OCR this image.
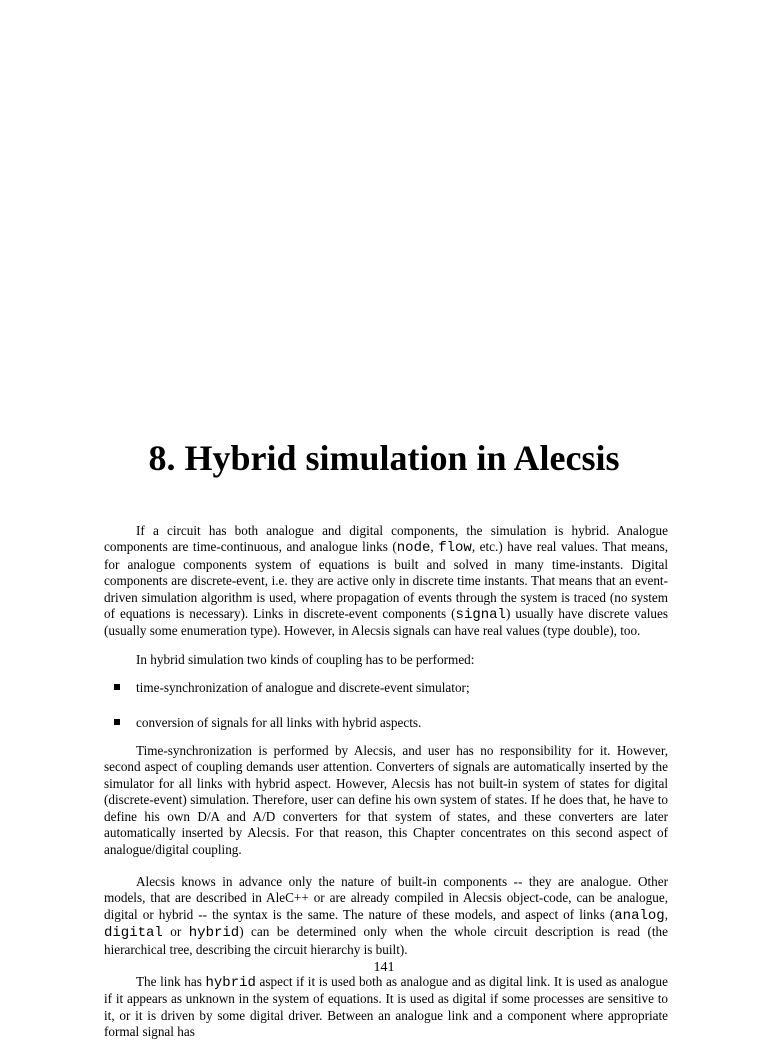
8. Hybrid simulation in Alecsis

If a circuit has both analogue and digital components, the simulation is hybrid. Analogue components are time-continuous, and analogue links (node, flow, etc.) have real values. That means, for analogue components system of equations is built and solved in many time-instants. Digital components are discrete-event, i.e. they are active only in discrete time instants. That means that an event-driven simulation algorithm is used, where propagation of events through the system is traced (no system of equations is necessary). Links in discrete-event components (signal) usually have discrete values (usually some enumeration type). However, in Alecsis signals can have real values (type double), too.

In hybrid simulation two kinds of coupling has to be performed:

time-synchronization of analogue and discrete-event simulator;
conversion of signals for all links with hybrid aspects.

Time-synchronization is performed by Alecsis, and user has no responsibility for it. However, second aspect of coupling demands user attention. Converters of signals are automatically inserted by the simulator for all links with hybrid aspect. However, Alecsis has not built-in system of states for digital (discrete-event) simulation. Therefore, user can define his own system of states. If he does that, he have to define his own D/A and A/D converters for that system of states, and these converters are later automatically inserted by Alecsis. For that reason, this Chapter concentrates on this second aspect of analogue/digital coupling.

Alecsis knows in advance only the nature of built-in components -- they are analogue. Other models, that are described in AleC++ or are already compiled in Alecsis object-code, can be analogue, digital or hybrid -- the syntax is the same. The nature of these models, and aspect of links (analog, digital or hybrid) can be determined only when the whole circuit description is read (the hierarchical tree, describing the circuit hierarchy is built).

The link has hybrid aspect if it is used both as analogue and as digital link. It is used as analogue if it appears as unknown in the system of equations. It is used as digital if some processes are sensitive to it, or it is driven by some digital driver. Between an analogue link and a component where appropriate formal signal has

141
